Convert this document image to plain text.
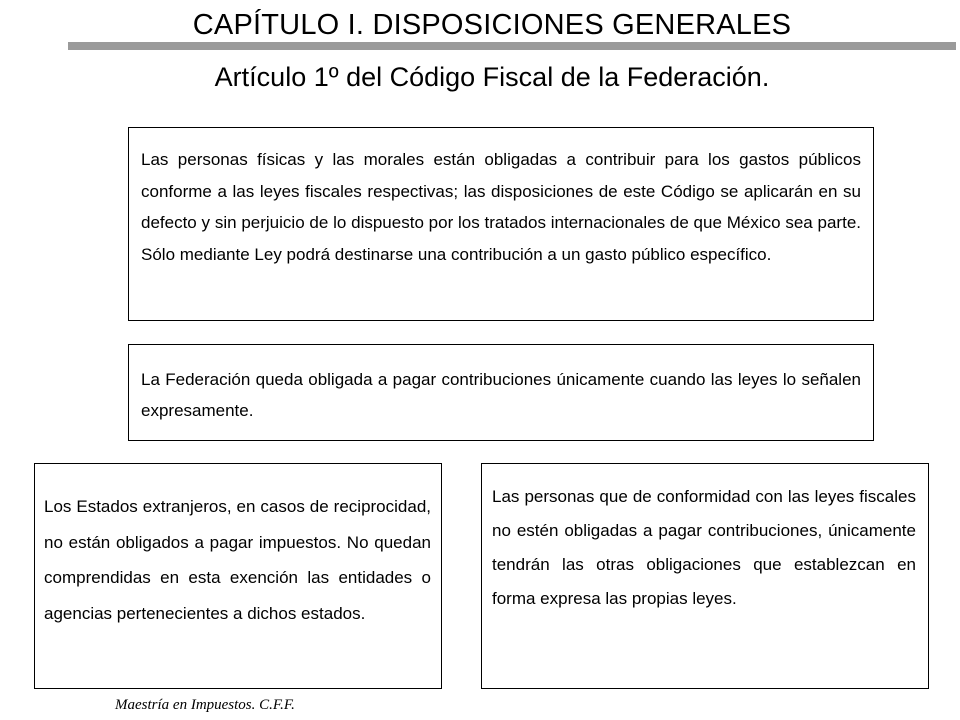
CAPÍTULO I. DISPOSICIONES GENERALES
Artículo 1º del Código Fiscal de la Federación.

Las personas físicas y las morales están obligadas a contribuir para los gastos públicos conforme a las leyes fiscales respectivas; las disposiciones de este Código se aplicarán en su defecto y sin perjuicio de lo dispuesto por los tratados internacionales de que México sea parte. Sólo mediante Ley podrá destinarse una contribución a un gasto público específico.

La Federación queda obligada a pagar contribuciones únicamente cuando las leyes lo señalen expresamente.

Los Estados extranjeros, en casos de reciprocidad, no están obligados a pagar impuestos. No quedan comprendidas en esta exención las entidades o agencias pertenecientes a dichos estados.

Las personas que de conformidad con las leyes fiscales no estén obligadas a pagar contribuciones, únicamente tendrán las otras obligaciones que establezcan en forma expresa las propias leyes.

Maestría en Impuestos. C.F.F.
